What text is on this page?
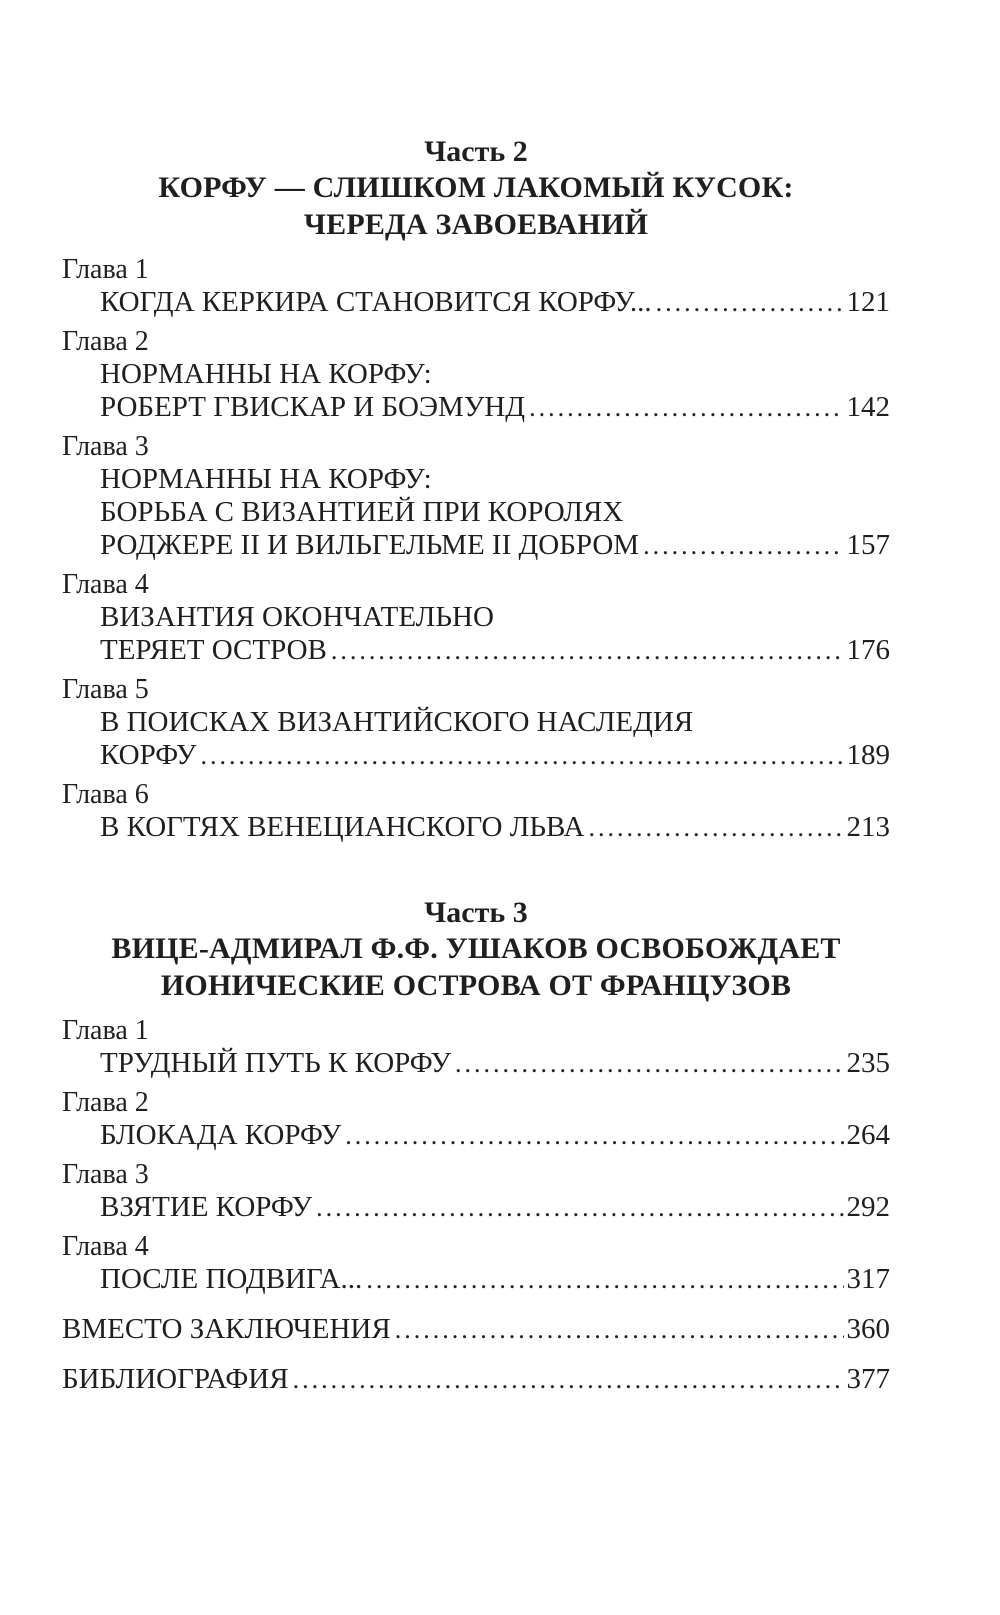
Часть 2
КОРФУ — СЛИШКОМ ЛАКОМЫЙ КУСОК:
ЧЕРЕДА ЗАВОЕВАНИЙ
Глава 1
КОГДА КЕРКИРА СТАНОВИТСЯ КОРФУ... .....	121
Глава 2
НОРМАННЫ НА КОРФУ:
РОБЕРТ ГВИСКАР И БОЭМУНД .....	142
Глава 3
НОРМАННЫ НА КОРФУ:
БОРЬБА С ВИЗАНТИЕЙ ПРИ КОРОЛЯХ
РОДЖЕРЕ II И ВИЛЬГЕЛЬМЕ II ДОБРОМ .....	157
Глава 4
ВИЗАНТИЯ ОКОНЧАТЕЛЬНО
ТЕРЯЕТ ОСТРОВ .....	176
Глава 5
В ПОИСКАХ ВИЗАНТИЙСКОГО НАСЛЕДИЯ
КОРФУ .....	189
Глава 6
В КОГТЯХ ВЕНЕЦИАНСКОГО ЛЬВА .....	213
Часть 3
ВИЦЕ-АДМИРАЛ Ф.Ф. УШАКОВ ОСВОБОЖДАЕТ
ИОНИЧЕСКИЕ ОСТРОВА ОТ ФРАНЦУЗОВ
Глава 1
ТРУДНЫЙ ПУТЬ К КОРФУ .....	235
Глава 2
БЛОКАДА КОРФУ .....	264
Глава 3
ВЗЯТИЕ КОРФУ .....	292
Глава 4
ПОСЛЕ ПОДВИГА... .....	317
ВМЕСТО ЗАКЛЮЧЕНИЯ .....	360
БИБЛИОГРАФИЯ .....	377
